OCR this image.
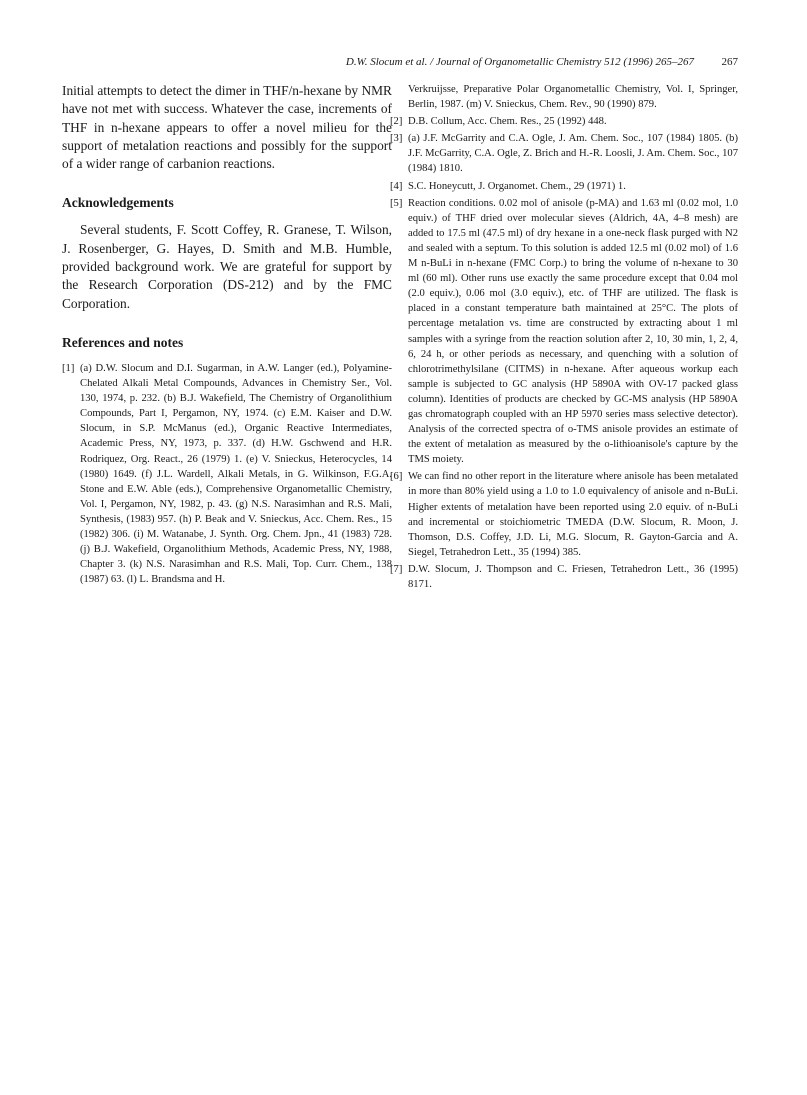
D.W. Slocum et al. / Journal of Organometallic Chemistry 512 (1996) 265–267	267

Initial attempts to detect the dimer in THF/n-hexane by NMR have not met with success. Whatever the case, increments of THF in n-hexane appears to offer a novel milieu for the support of metalation reactions and possibly for the support of a wider range of carbanion reactions.

Acknowledgements

Several students, F. Scott Coffey, R. Granese, T. Wilson, J. Rosenberger, G. Hayes, D. Smith and M.B. Humble, provided background work. We are grateful for support by the Research Corporation (DS-212) and by the FMC Corporation.

References and notes
[1] (a) D.W. Slocum and D.I. Sugarman, in A.W. Langer (ed.), Polyamine-Chelated Alkali Metal Compounds, Advances in Chemistry Ser., Vol. 130, 1974, p. 232. (b) B.J. Wakefield, The Chemistry of Organolithium Compounds, Part I, Pergamon, NY, 1974. (c) E.M. Kaiser and D.W. Slocum, in S.P. McManus (ed.), Organic Reactive Intermediates, Academic Press, NY, 1973, p. 337. (d) H.W. Gschwend and H.R. Rodriquez, Org. React., 26 (1979) 1. (e) V. Snieckus, Heterocycles, 14 (1980) 1649. (f) J.L. Wardell, Alkali Metals, in G. Wilkinson, F.G.A. Stone and E.W. Able (eds.), Comprehensive Organometallic Chemistry, Vol. I, Pergamon, NY, 1982, p. 43. (g) N.S. Narasimhan and R.S. Mali, Synthesis, (1983) 957. (h) P. Beak and V. Snieckus, Acc. Chem. Res., 15 (1982) 306. (i) M. Watanabe, J. Synth. Org. Chem. Jpn., 41 (1983) 728. (j) B.J. Wakefield, Organolithium Methods, Academic Press, NY, 1988, Chapter 3. (k) N.S. Narasimhan and R.S. Mali, Top. Curr. Chem., 138 (1987) 63. (l) L. Brandsma and H.
Verkruijsse, Preparative Polar Organometallic Chemistry, Vol. I, Springer, Berlin, 1987. (m) V. Snieckus, Chem. Rev., 90 (1990) 879.
[2] D.B. Collum, Acc. Chem. Res., 25 (1992) 448.
[3] (a) J.F. McGarrity and C.A. Ogle, J. Am. Chem. Soc., 107 (1984) 1805. (b) J.F. McGarrity, C.A. Ogle, Z. Brich and H.-R. Loosli, J. Am. Chem. Soc., 107 (1984) 1810.
[4] S.C. Honeycutt, J. Organomet. Chem., 29 (1971) 1.
[5] Reaction conditions. 0.02 mol of anisole (p-MA) and 1.63 ml (0.02 mol, 1.0 equiv.) of THF dried over molecular sieves (Aldrich, 4A, 4–8 mesh) are added to 17.5 ml (47.5 ml) of dry hexane in a one-neck flask purged with N2 and sealed with a septum. To this solution is added 12.5 ml (0.02 mol) of 1.6 M n-BuLi in n-hexane (FMC Corp.) to bring the volume of n-hexane to 30 ml (60 ml). Other runs use exactly the same procedure except that 0.04 mol (2.0 equiv.), 0.06 mol (3.0 equiv.), etc. of THF are utilized. The flask is placed in a constant temperature bath maintained at 25°C. The plots of percentage metalation vs. time are constructed by extracting about 1 ml samples with a syringe from the reaction solution after 2, 10, 30 min, 1, 2, 4, 6, 24 h, or other periods as necessary, and quenching with a solution of chlorotrimethylsilane (CITMS) in n-hexane. After aqueous workup each sample is subjected to GC analysis (HP 5890A with OV-17 packed glass column). Identities of products are checked by GC-MS analysis (HP 5890A gas chromatograph coupled with an HP 5970 series mass selective detector). Analysis of the corrected spectra of o-TMS anisole provides an estimate of the extent of metalation as measured by the o-lithioanisole's capture by the TMS moiety.
[6] We can find no other report in the literature where anisole has been metalated in more than 80% yield using a 1.0 to 1.0 equivalency of anisole and n-BuLi. Higher extents of metalation have been reported using 2.0 equiv. of n-BuLi and incremental or stoichiometric TMEDA (D.W. Slocum, R. Moon, J. Thomson, D.S. Coffey, J.D. Li, M.G. Slocum, R. Gayton-Garcia and A. Siegel, Tetrahedron Lett., 35 (1994) 385.
[7] D.W. Slocum, J. Thompson and C. Friesen, Tetrahedron Lett., 36 (1995) 8171.
